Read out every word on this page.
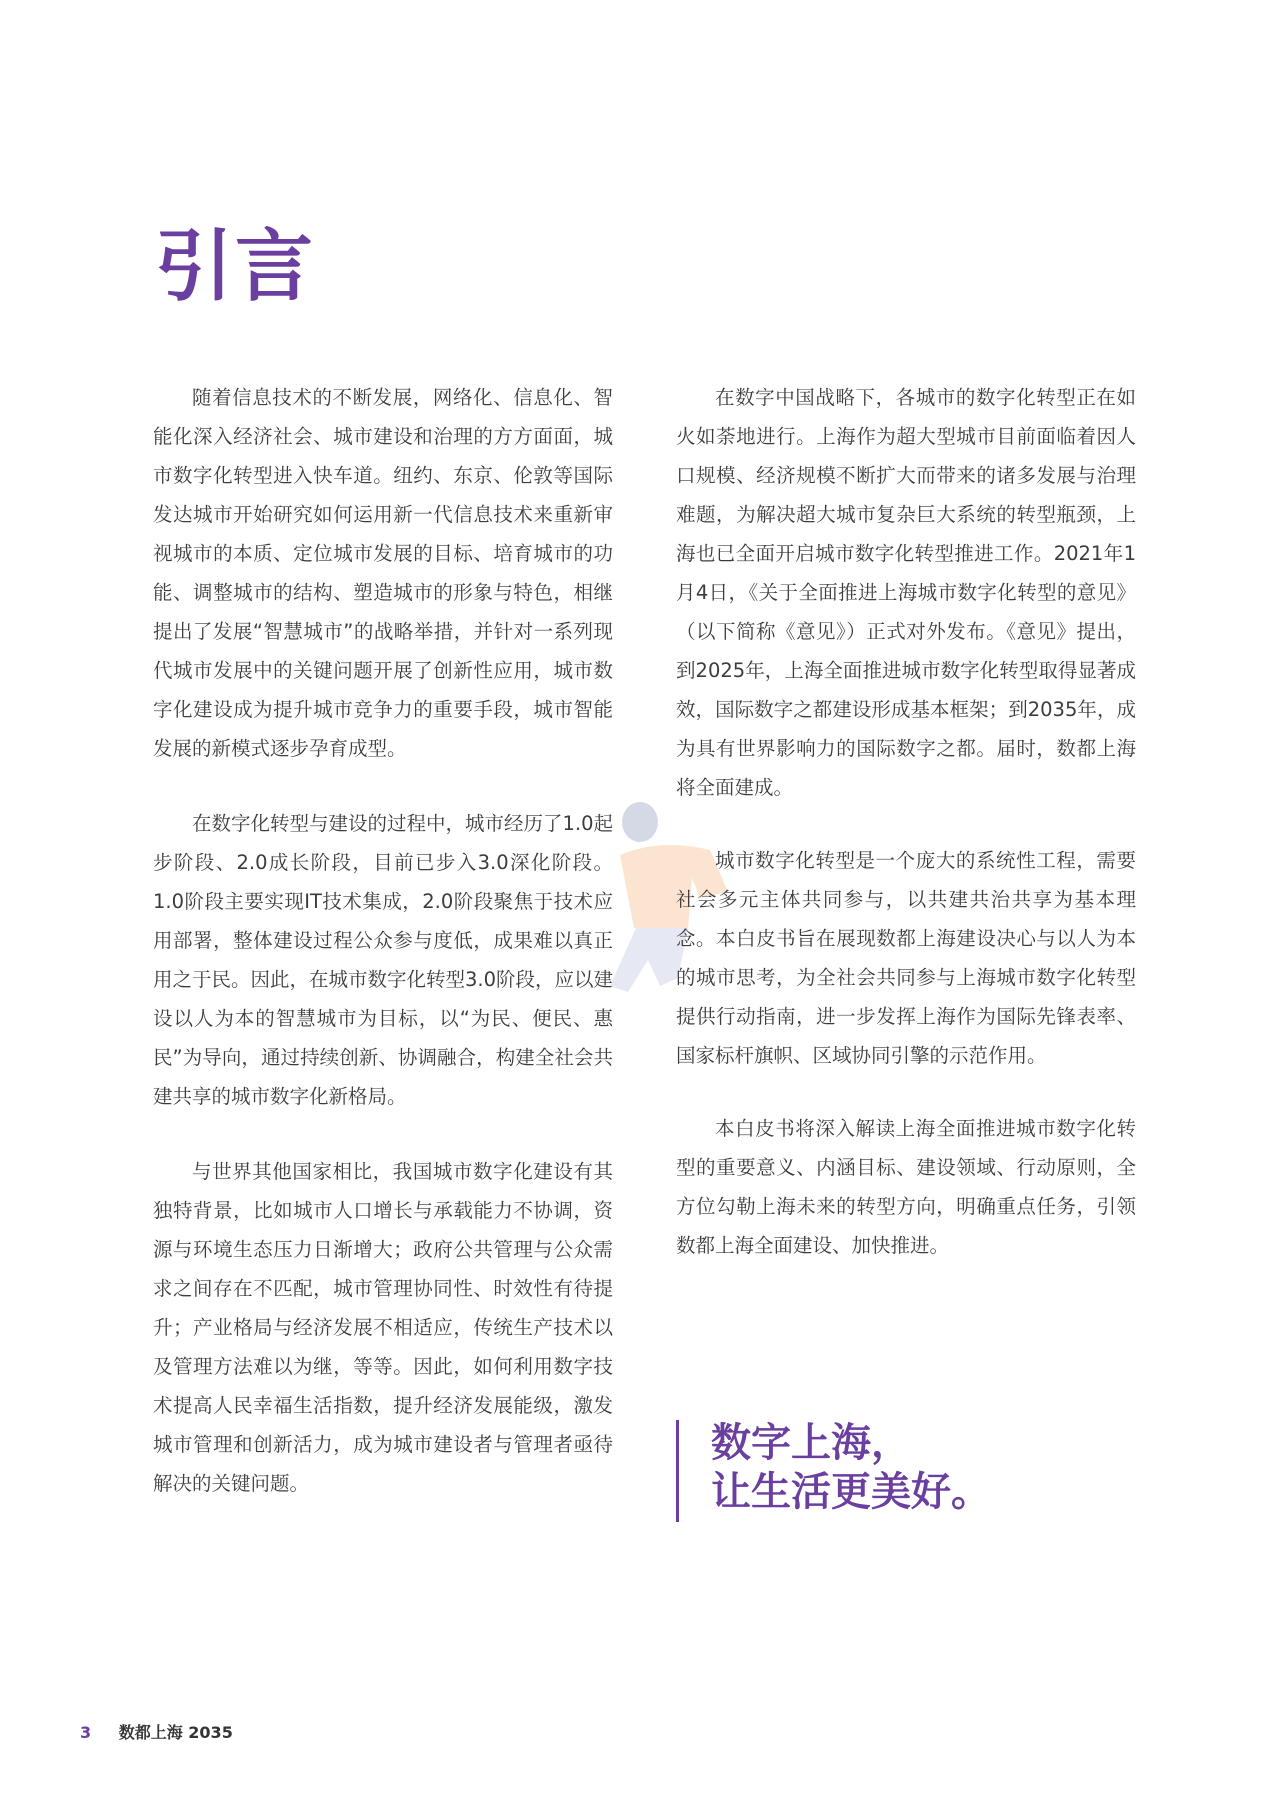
引言

随着信息技术的不断发展，网络化、信息化、智能化深入经济社会、城市建设和治理的方方面面，城市数字化转型进入快车道。纽约、东京、伦敦等国际发达城市开始研究如何运用新一代信息技术来重新审视城市的本质、定位城市发展的目标、培育城市的功能、调整城市的结构、塑造城市的形象与特色，相继提出了发展“智慧城市”的战略举措，并针对一系列现代城市发展中的关键问题开展了创新性应用，城市数字化建设成为提升城市竞争力的重要手段，城市智能发展的新模式逐步孕育成型。

在数字化转型与建设的过程中，城市经历了1.0起步阶段、2.0成长阶段，目前已步入3.0深化阶段。1.0阶段主要实现IT技术集成，2.0阶段聚焦于技术应用部署，整体建设过程公众参与度低，成果难以真正用之于民。因此，在城市数字化转型3.0阶段，应以建设以人为本的智慧城市为目标，以“为民、便民、惠民”为导向，通过持续创新、协调融合，构建全社会共建共享的城市数字化新格局。

与世界其他国家相比，我国城市数字化建设有其独特背景，比如城市人口增长与承载能力不协调，资源与环境生态压力日渐增大；政府公共管理与公众需求之间存在不匹配，城市管理协同性、时效性有待提升；产业格局与经济发展不相适应，传统生产技术以及管理方法难以为继，等等。因此，如何利用数字技术提高人民幸福生活指数，提升经济发展能级，激发城市管理和创新活力，成为城市建设者与管理者亟待解决的关键问题。

在数字中国战略下，各城市的数字化转型正在如火如荼地进行。上海作为超大型城市目前面临着因人口规模、经济规模不断扩大而带来的诸多发展与治理难题，为解决超大城市复杂巨大系统的转型瓶颈，上海也已全面开启城市数字化转型推进工作。2021年1月4日，《关于全面推进上海城市数字化转型的意见》（以下简称《意见》）正式对外发布。《意见》提出，到2025年，上海全面推进城市数字化转型取得显著成效，国际数字之都建设形成基本框架；到2035年，成为具有世界影响力的国际数字之都。届时，数都上海将全面建成。

城市数字化转型是一个庞大的系统性工程，需要社会多元主体共同参与，以共建共治共享为基本理念。本白皮书旨在展现数都上海建设决心与以人为本的城市思考，为全社会共同参与上海城市数字化转型提供行动指南，进一步发挥上海作为国际先锋表率、国家标杆旗帜、区域协同引擎的示范作用。

本白皮书将深入解读上海全面推进城市数字化转型的重要意义、内涵目标、建设领域、行动原则，全方位勾勒上海未来的转型方向，明确重点任务，引领数都上海全面建设、加快推进。

数字上海，
让生活更美好。
3 数都上海 2035
